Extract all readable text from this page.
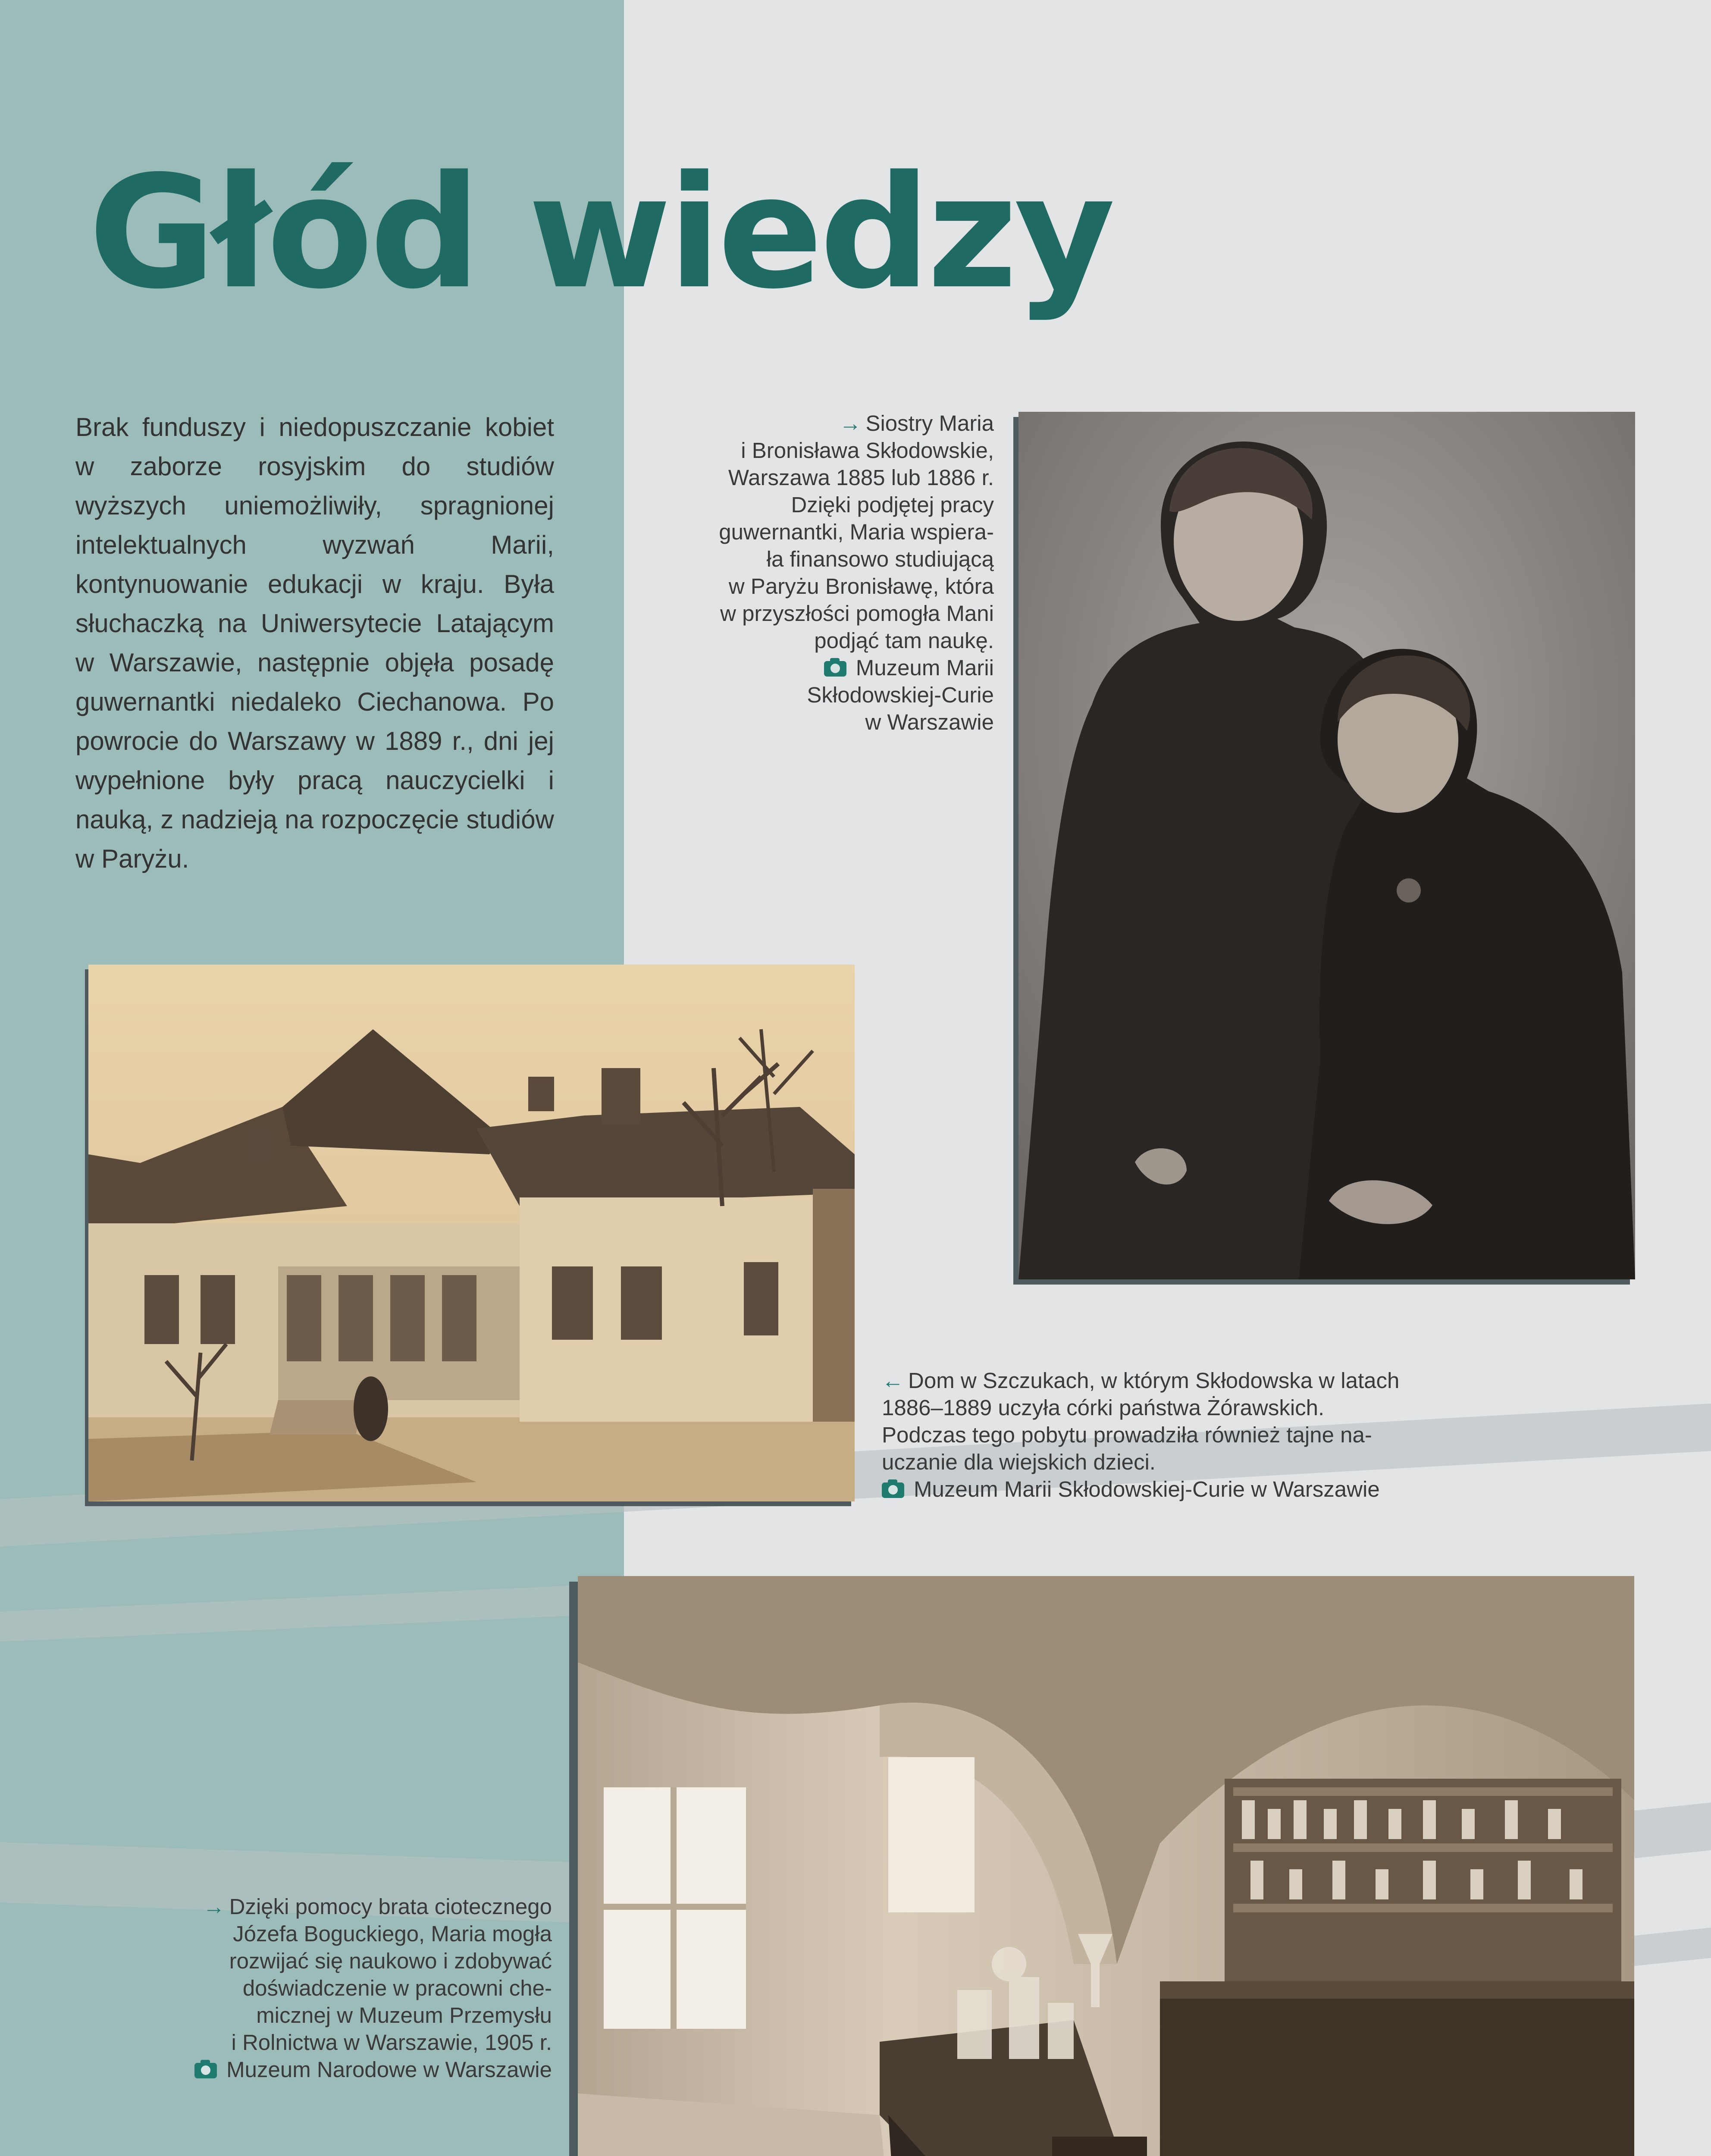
Głód wiedzy

Brak funduszy i niedopuszczanie kobiet w zaborze rosyjskim do studiów wyższych uniemożliwiły, spragnionej intelektualnych wyzwań Marii, kontynuowanie edukacji w kraju. Była słuchaczką na Uniwersytecie Latającym w Warszawie, następnie objęła posadę guwernantki niedaleko Ciechanowa. Po powrocie do Warszawy w 1889 r., dni jej wypełnione były pracą nauczycielki i nauką, z nadzieją na rozpoczęcie studiów w Paryżu.

→ Siostry Maria
i Bronisława Skłodowskie,
Warszawa 1885 lub 1886 r.
Dzięki podjętej pracy
guwernantki, Maria wspiera-
ła finansowo studiującą
w Paryżu Bronisławę, która
w przyszłości pomogła Mani
podjąć tam naukę.
Muzeum Marii
Skłodowskiej-Curie
w Warszawie
← Dom w Szczukach, w którym Skłodowska w latach
1886–1889 uczyła córki państwa Żórawskich.
Podczas tego pobytu prowadziła również tajne na-
uczanie dla wiejskich dzieci.
Muzeum Marii Skłodowskiej-Curie w Warszawie
→ Dzięki pomocy brata ciotecznego
Józefa Boguckiego, Maria mogła
rozwijać się naukowo i zdobywać
doświadczenie w pracowni che-
micznej w Muzeum Przemysłu
i Rolnictwa w Warszawie, 1905 r.
Muzeum Narodowe w Warszawie
